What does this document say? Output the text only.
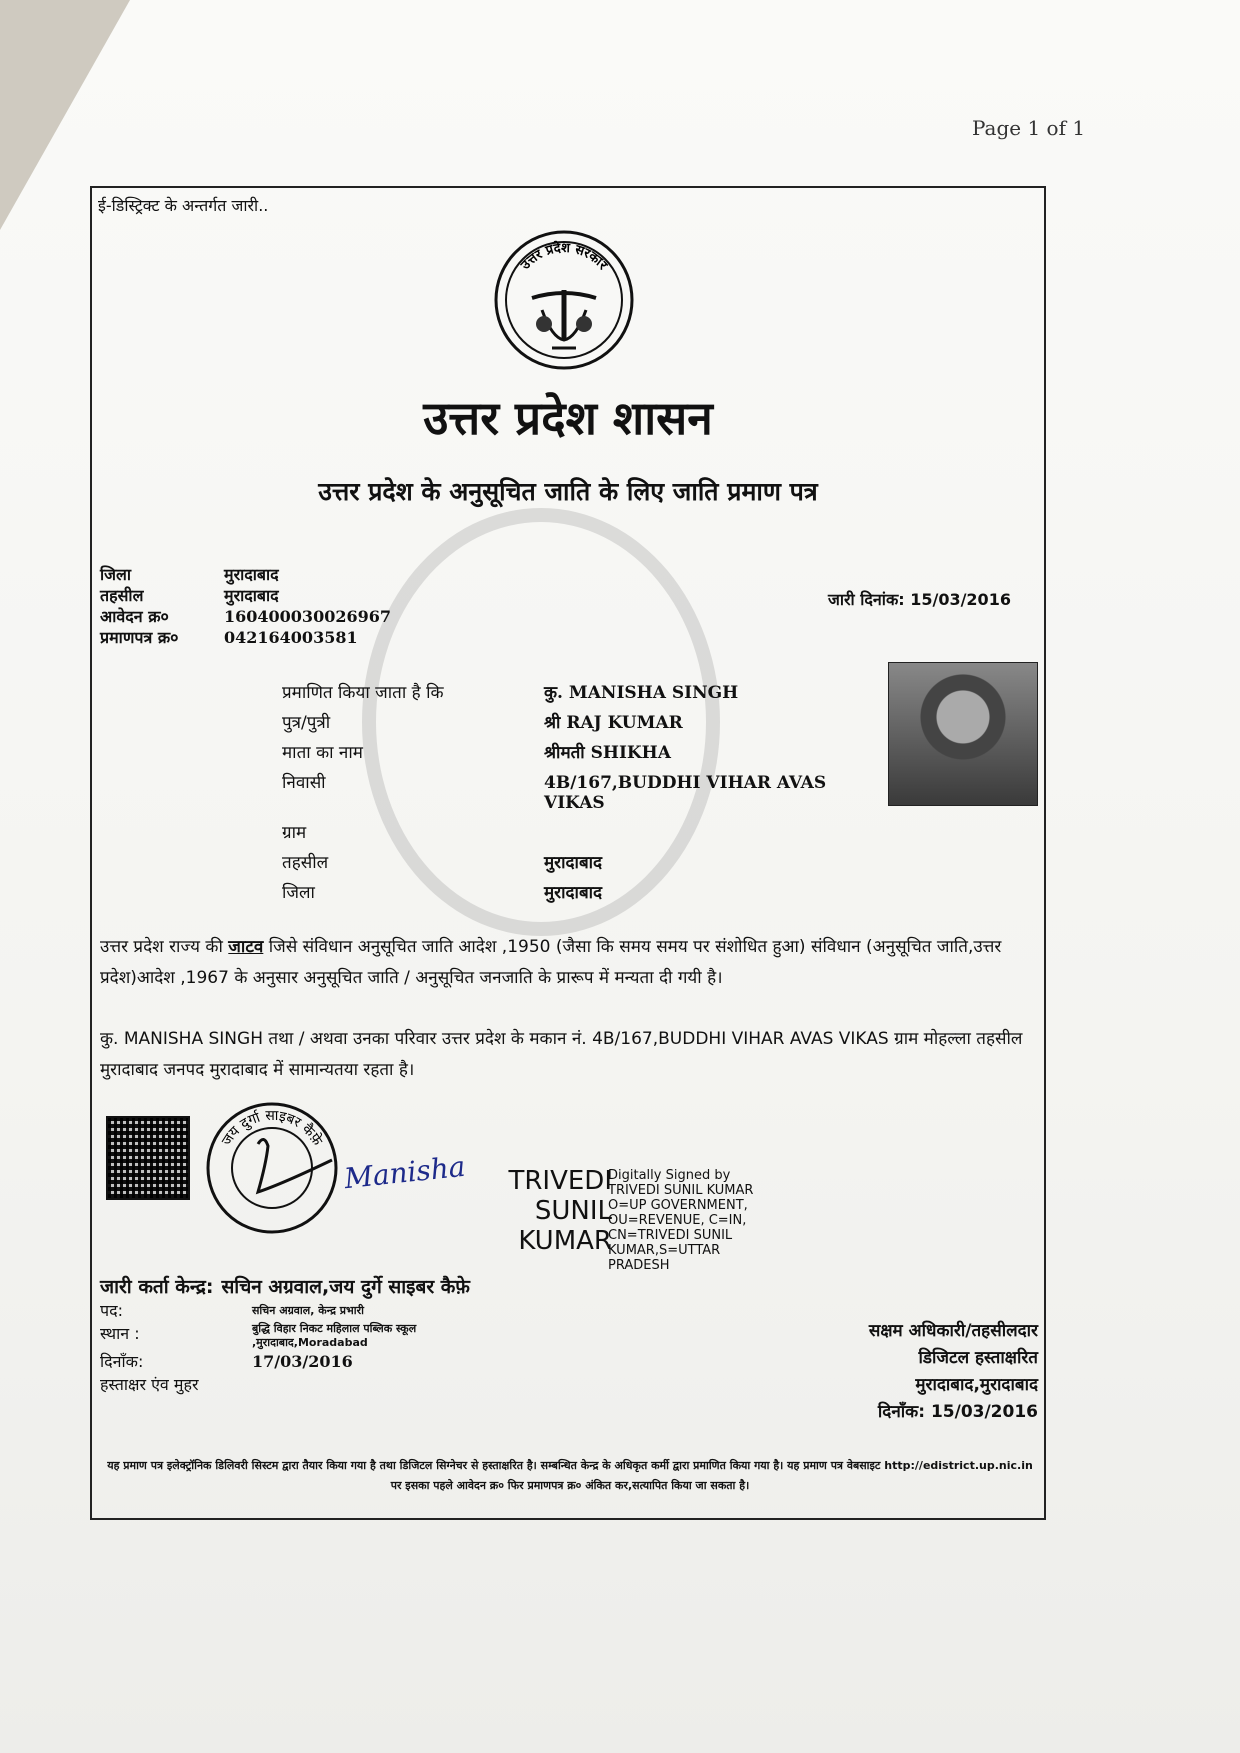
Page 1 of 1
ई-डिस्ट्रिक्ट के अन्तर्गत जारी..
उत्तर प्रदेश सरकार
उत्तर प्रदेश शासन
उत्तर प्रदेश के अनुसूचित जाति के लिए जाति प्रमाण पत्र
जिला	मुरादाबाद
तहसील	मुरादाबाद
आवेदन क्र०	160400030026967
प्रमाणपत्र क्र०	042164003581
जारी दिनांक: 15/03/2016
प्रमाणित किया जाता है कि	कु. MANISHA SINGH
पुत्र/पुत्री	श्री RAJ KUMAR
माता का नाम	श्रीमती SHIKHA
निवासी	4B/167,BUDDHI VIHAR AVAS VIKAS
ग्राम
तहसील	मुरादाबाद
जिला	मुरादाबाद
उत्तर प्रदेश राज्य की जाटव जिसे संविधान अनुसूचित जाति आदेश ,1950 (जैसा कि समय समय पर संशोधित हुआ) संविधान (अनुसूचित जाति,उत्तर प्रदेश)आदेश ,1967 के अनुसार अनुसूचित जाति / अनुसूचित जनजाति के प्रारूप में मन्यता दी गयी है।
कु. MANISHA SINGH तथा / अथवा उनका परिवार उत्तर प्रदेश के मकान नं. 4B/167,BUDDHI VIHAR AVAS VIKAS ग्राम मोहल्ला तहसील मुरादाबाद जनपद मुरादाबाद में सामान्यतया रहता है।
जय दुर्गा साइबर कैफ़े
Manisha	TRIVEDI
SUNIL
KUMAR
Digitally Signed by TRIVEDI SUNIL KUMAR O=UP GOVERNMENT, OU=REVENUE, C=IN, CN=TRIVEDI SUNIL KUMAR,S=UTTAR PRADESH
जारी कर्ता केन्द्र: सचिन अग्रवाल,जय दुर्गे साइबर कैफ़े
पद:	सचिन अग्रवाल, केन्द्र प्रभारी
स्थान :	बुद्धि विहार निकट महिलाल पब्लिक स्कूल ,मुरादाबाद,Moradabad
दिनाँक:	17/03/2016
हस्ताक्षर एंव मुहर
सक्षम अधिकारी/तहसीलदार
डिजिटल हस्ताक्षरित
मुरादाबाद,मुरादाबाद
दिनाँक: 15/03/2016
यह प्रमाण पत्र इलेक्ट्रॉनिक डिलिवरी सिस्टम द्वारा तैयार किया गया है तथा डिजिटल सिग्नेचर से हस्ताक्षरित है। सम्बन्धित केन्द्र के अधिकृत कर्मी द्वारा प्रमाणित किया गया है। यह प्रमाण पत्र वेबसाइट http://edistrict.up.nic.in पर इसका पहले आवेदन क्र० फिर प्रमाणपत्र क्र० अंकित कर,सत्यापित किया जा सकता है।
